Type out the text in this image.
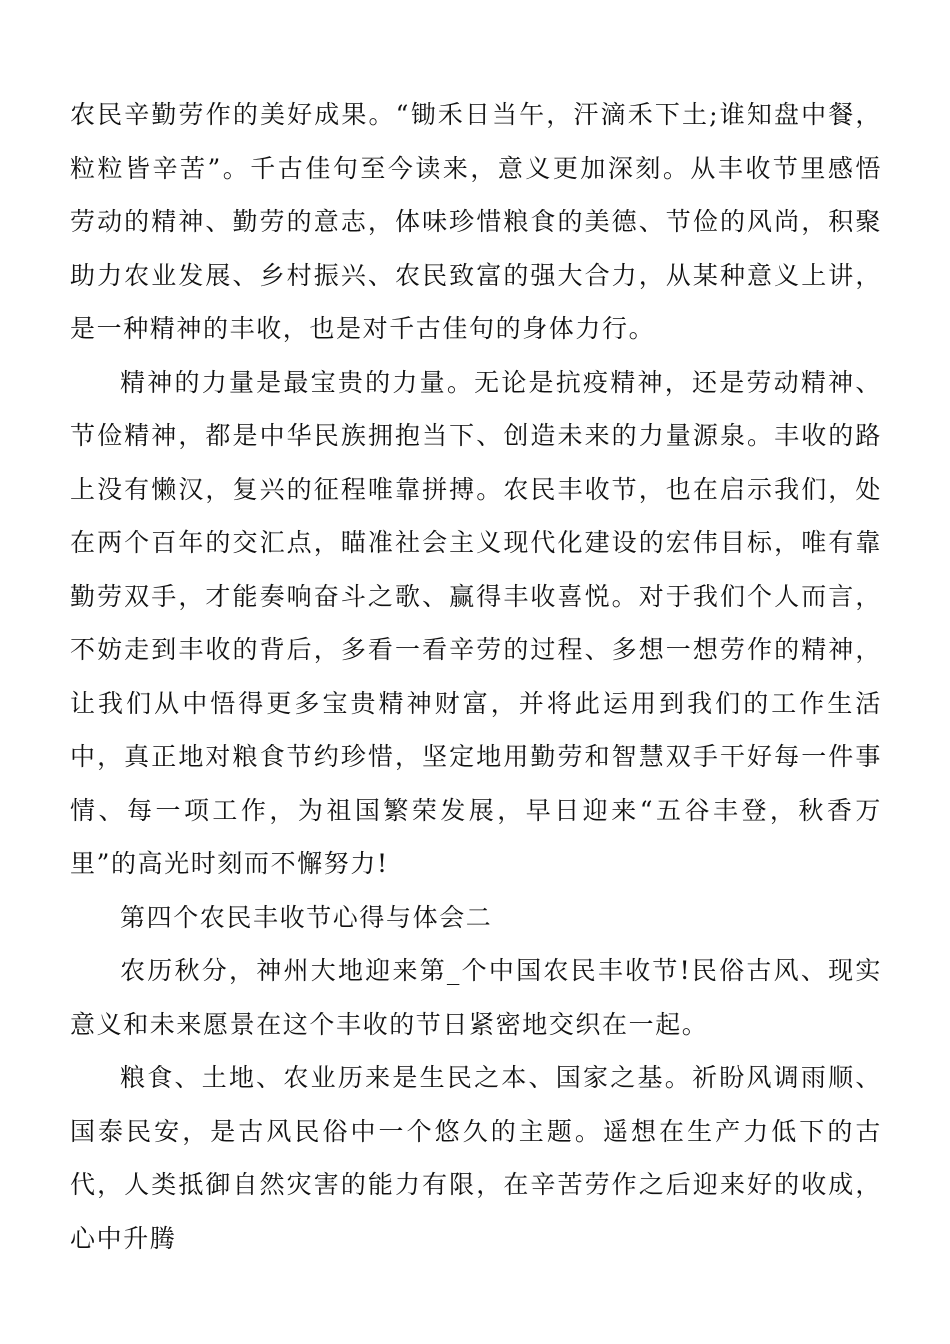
农民辛勤劳作的美好成果。“锄禾日当午，汗滴禾下土;谁知盘中餐，粒粒皆辛苦”。千古佳句至今读来，意义更加深刻。从丰收节里感悟劳动的精神、勤劳的意志，体味珍惜粮食的美德、节俭的风尚，积聚助力农业发展、乡村振兴、农民致富的强大合力，从某种意义上讲，是一种精神的丰收，也是对千古佳句的身体力行。

精神的力量是最宝贵的力量。无论是抗疫精神，还是劳动精神、节俭精神，都是中华民族拥抱当下、创造未来的力量源泉。丰收的路上没有懒汉，复兴的征程唯靠拼搏。农民丰收节，也在启示我们，处在两个百年的交汇点，瞄准社会主义现代化建设的宏伟目标，唯有靠勤劳双手，才能奏响奋斗之歌、赢得丰收喜悦。对于我们个人而言，不妨走到丰收的背后，多看一看辛劳的过程、多想一想劳作的精神，让我们从中悟得更多宝贵精神财富，并将此运用到我们的工作生活中，真正地对粮食节约珍惜，坚定地用勤劳和智慧双手干好每一件事情、每一项工作，为祖国繁荣发展，早日迎来“五谷丰登，秋香万里”的高光时刻而不懈努力!

第四个农民丰收节心得与体会二

农历秋分，神州大地迎来第_个中国农民丰收节!民俗古风、现实意义和未来愿景在这个丰收的节日紧密地交织在一起。

粮食、土地、农业历来是生民之本、国家之基。祈盼风调雨顺、国泰民安，是古风民俗中一个悠久的主题。遥想在生产力低下的古代，人类抵御自然灾害的能力有限，在辛苦劳作之后迎来好的收成，心中升腾
